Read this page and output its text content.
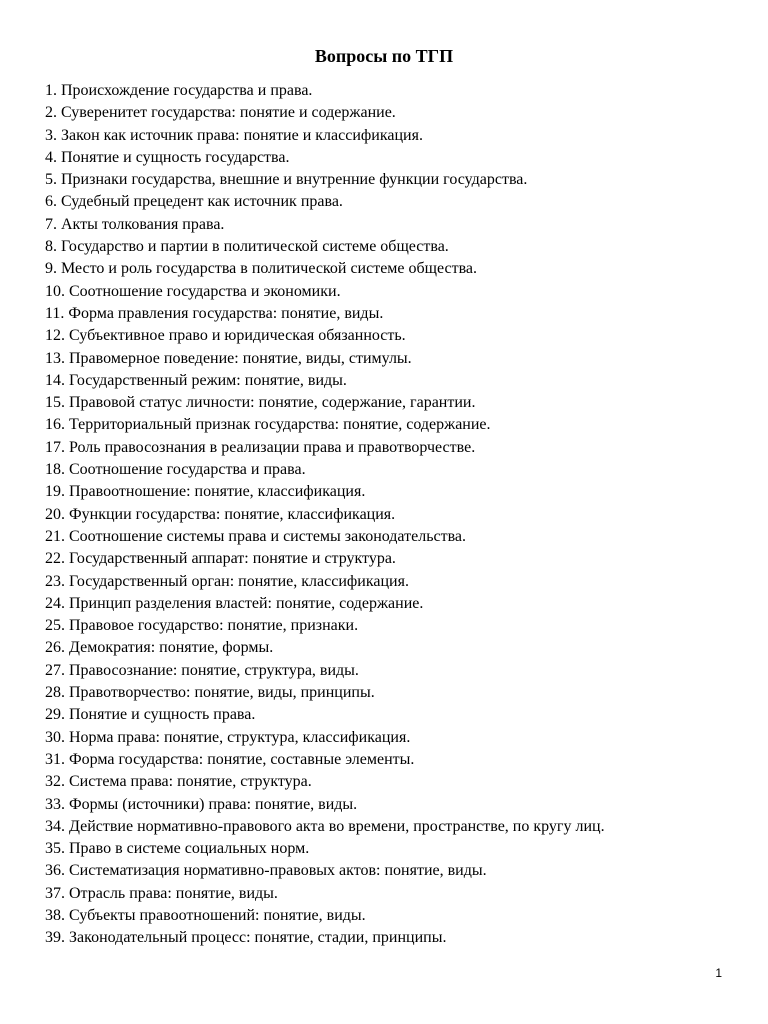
Вопросы по ТГП
1. Происхождение государства и права.
2. Суверенитет государства: понятие и содержание.
3. Закон как источник права: понятие и классификация.
4. Понятие и сущность государства.
5. Признаки государства, внешние и внутренние функции государства.
6. Судебный прецедент как источник права.
7. Акты толкования права.
8. Государство и партии в политической системе общества.
9. Место и роль государства в политической системе общества.
10. Соотношение государства и экономики.
11. Форма правления государства: понятие, виды.
12. Субъективное право и юридическая обязанность.
13. Правомерное поведение: понятие, виды, стимулы.
14. Государственный режим: понятие, виды.
15. Правовой статус личности: понятие, содержание, гарантии.
16. Территориальный признак государства: понятие, содержание.
17. Роль правосознания в реализации права и правотворчестве.
18. Соотношение государства и права.
19. Правоотношение: понятие, классификация.
20. Функции государства: понятие, классификация.
21. Соотношение системы права и системы законодательства.
22. Государственный аппарат: понятие и структура.
23. Государственный орган: понятие, классификация.
24. Принцип разделения властей: понятие, содержание.
25. Правовое государство: понятие, признаки.
26. Демократия: понятие, формы.
27. Правосознание: понятие, структура, виды.
28. Правотворчество: понятие, виды, принципы.
29. Понятие и сущность права.
30. Норма права: понятие, структура, классификация.
31. Форма государства: понятие, составные элементы.
32. Система права: понятие, структура.
33. Формы (источники) права: понятие, виды.
34. Действие нормативно-правового акта во времени, пространстве, по кругу лиц.
35. Право в системе социальных норм.
36. Систематизация нормативно-правовых актов: понятие, виды.
37. Отрасль права: понятие, виды.
38. Субъекты правоотношений: понятие, виды.
39. Законодательный процесс: понятие, стадии, принципы.
1
